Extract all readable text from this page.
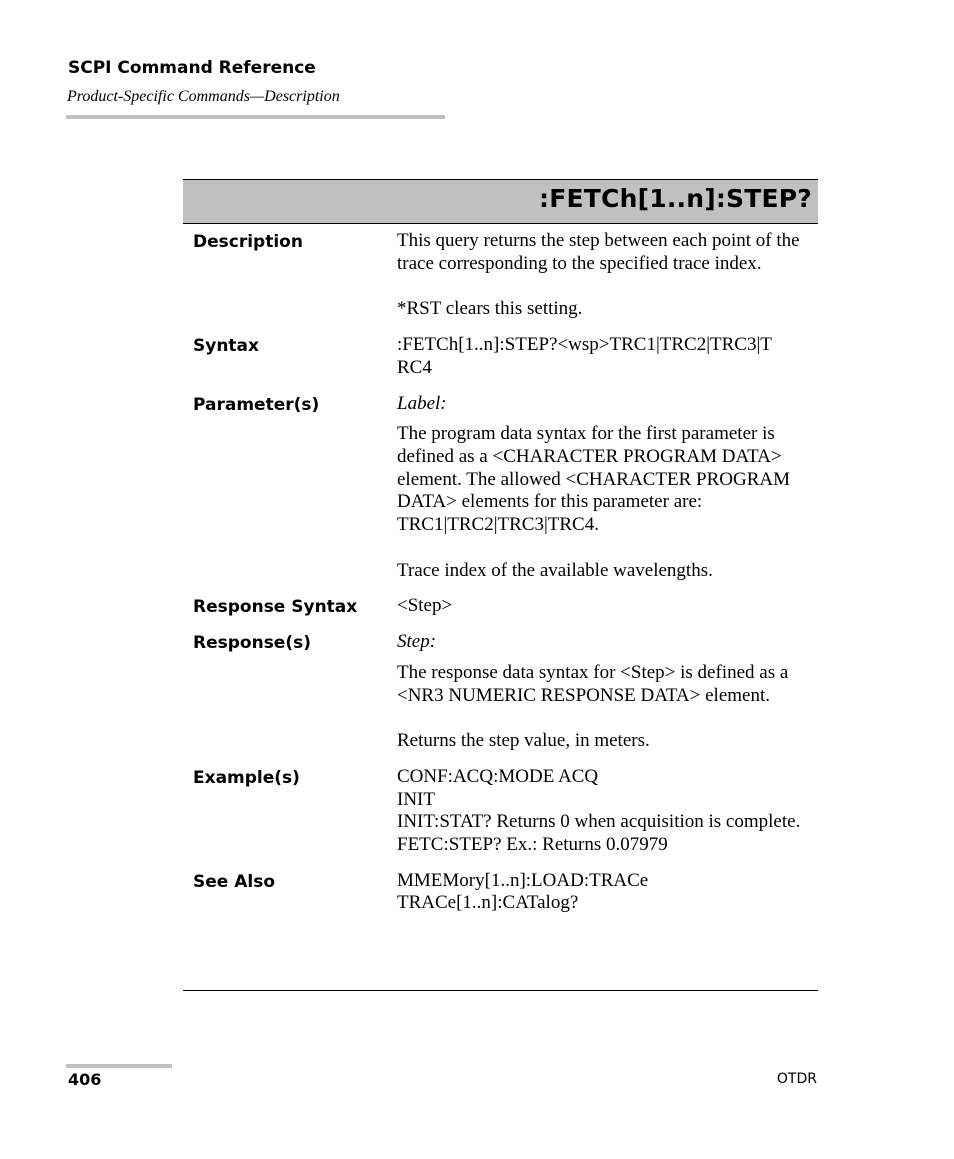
SCPI Command Reference
Product-Specific Commands—Description
:FETCh[1..n]:STEP?
Description	This query returns the step between each point of the trace corresponding to the specified trace index.

*RST clears this setting.

Syntax	:FETCh[1..n]:STEP?<wsp>TRC1|TRC2|TRC3|T

RC4

Parameter(s)	Label:

The program data syntax for the first parameter is defined as a <CHARACTER PROGRAM DATA> element. The allowed <CHARACTER PROGRAM DATA> elements for this parameter are: TRC1|TRC2|TRC3|TRC4.

Trace index of the available wavelengths.

Response Syntax <Step>

Response(s)	Step:

The response data syntax for <Step> is defined as a <NR3 NUMERIC RESPONSE DATA> element.

Returns the step value, in meters.

Example(s)	CONF:ACQ:MODE ACQ

INIT

INIT:STAT? Returns 0 when acquisition is complete.

FETC:STEP? Ex.: Returns 0.07979

See Also	MMEMory[1..n]:LOAD:TRACe

TRACe[1..n]:CATalog?

406	OTDR
